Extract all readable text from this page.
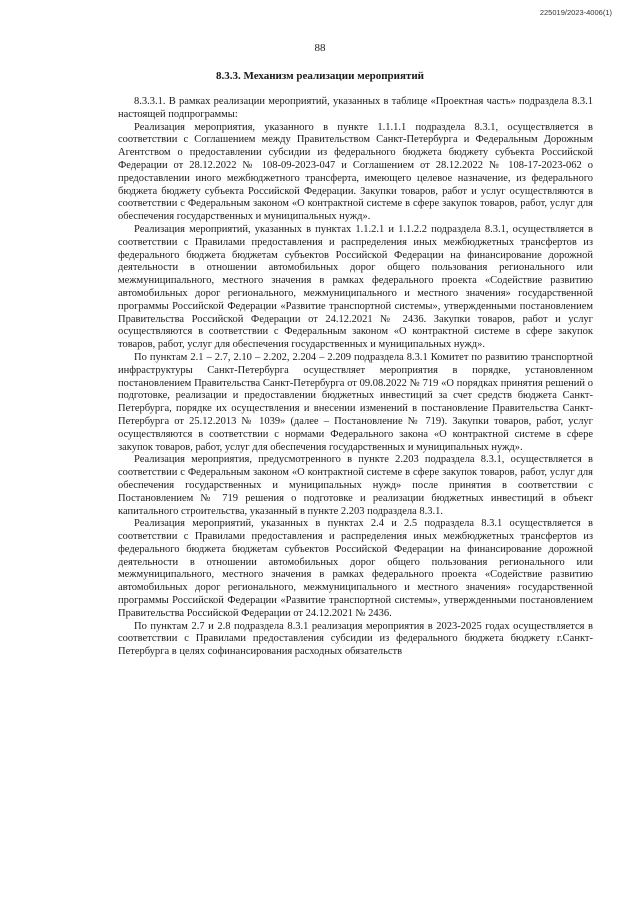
225019/2023-4006(1)
88
8.3.3. Механизм реализации мероприятий

8.3.3.1. В рамках реализации мероприятий, указанных в таблице «Проектная часть» подраздела 8.3.1 настоящей подпрограммы:

Реализация мероприятия, указанного в пункте 1.1.1.1 подраздела 8.3.1, осуществляется в соответствии с Соглашением между Правительством Санкт-Петербурга и Федеральным Дорожным Агентством о предоставлении субсидии из федерального бюджета бюджету субъекта Российской Федерации от 28.12.2022 № 108-09-2023-047 и Соглашением от 28.12.2022 № 108-17-2023-062 о предоставлении иного межбюджетного трансферта, имеющего целевое назначение, из федерального бюджета бюджету субъекта Российской Федерации. Закупки товаров, работ и услуг осуществляются в соответствии с Федеральным законом «О контрактной системе в сфере закупок товаров, работ, услуг для обеспечения государственных и муниципальных нужд».

Реализация мероприятий, указанных в пунктах 1.1.2.1 и 1.1.2.2 подраздела 8.3.1, осуществляется в соответствии с Правилами предоставления и распределения иных межбюджетных трансфертов из федерального бюджета бюджетам субъектов Российской Федерации на финансирование дорожной деятельности в отношении автомобильных дорог общего пользования регионального или межмуниципального, местного значения в рамках федерального проекта «Содействие развитию автомобильных дорог регионального, межмуниципального и местного значения» государственной программы Российской Федерации «Развитие транспортной системы», утвержденными постановлением Правительства Российской Федерации от 24.12.2021 № 2436. Закупки товаров, работ и услуг осуществляются в соответствии с Федеральным законом «О контрактной системе в сфере закупок товаров, работ, услуг для обеспечения государственных и муниципальных нужд».

По пунктам 2.1 – 2.7, 2.10 – 2.202, 2.204 – 2.209 подраздела 8.3.1 Комитет по развитию транспортной инфраструктуры Санкт-Петербурга осуществляет мероприятия в порядке, установленном постановлением Правительства Санкт-Петербурга от 09.08.2022 № 719 «О порядках принятия решений о подготовке, реализации и предоставлении бюджетных инвестиций за счет средств бюджета Санкт-Петербурга, порядке их осуществления и внесении изменений в постановление Правительства Санкт-Петербурга от 25.12.2013 № 1039» (далее – Постановление № 719). Закупки товаров, работ, услуг осуществляются в соответствии с нормами Федерального закона «О контрактной системе в сфере закупок товаров, работ, услуг для обеспечения государственных и муниципальных нужд».

Реализация мероприятия, предусмотренного в пункте 2.203 подраздела 8.3.1, осуществляется в соответствии с Федеральным законом «О контрактной системе в сфере закупок товаров, работ, услуг для обеспечения государственных и муниципальных нужд» после принятия в соответствии с Постановлением № 719 решения о подготовке и реализации бюджетных инвестиций в объект капитального строительства, указанный в пункте 2.203 подраздела 8.3.1.

Реализация мероприятий, указанных в пунктах 2.4 и 2.5 подраздела 8.3.1 осуществляется в соответствии с Правилами предоставления и распределения иных межбюджетных трансфертов из федерального бюджета бюджетам субъектов Российской Федерации на финансирование дорожной деятельности в отношении автомобильных дорог общего пользования регионального или межмуниципального, местного значения в рамках федерального проекта «Содействие развитию автомобильных дорог регионального, межмуниципального и местного значения» государственной программы Российской Федерации «Развитие транспортной системы», утвержденными постановлением Правительства Российской Федерации от 24.12.2021 № 2436.

По пунктам 2.7 и 2.8 подраздела 8.3.1 реализация мероприятия в 2023-2025 годах осуществляется в соответствии с Правилами предоставления субсидии из федерального бюджета бюджету г.Санкт-Петербурга в целях софинансирования расходных обязательств
